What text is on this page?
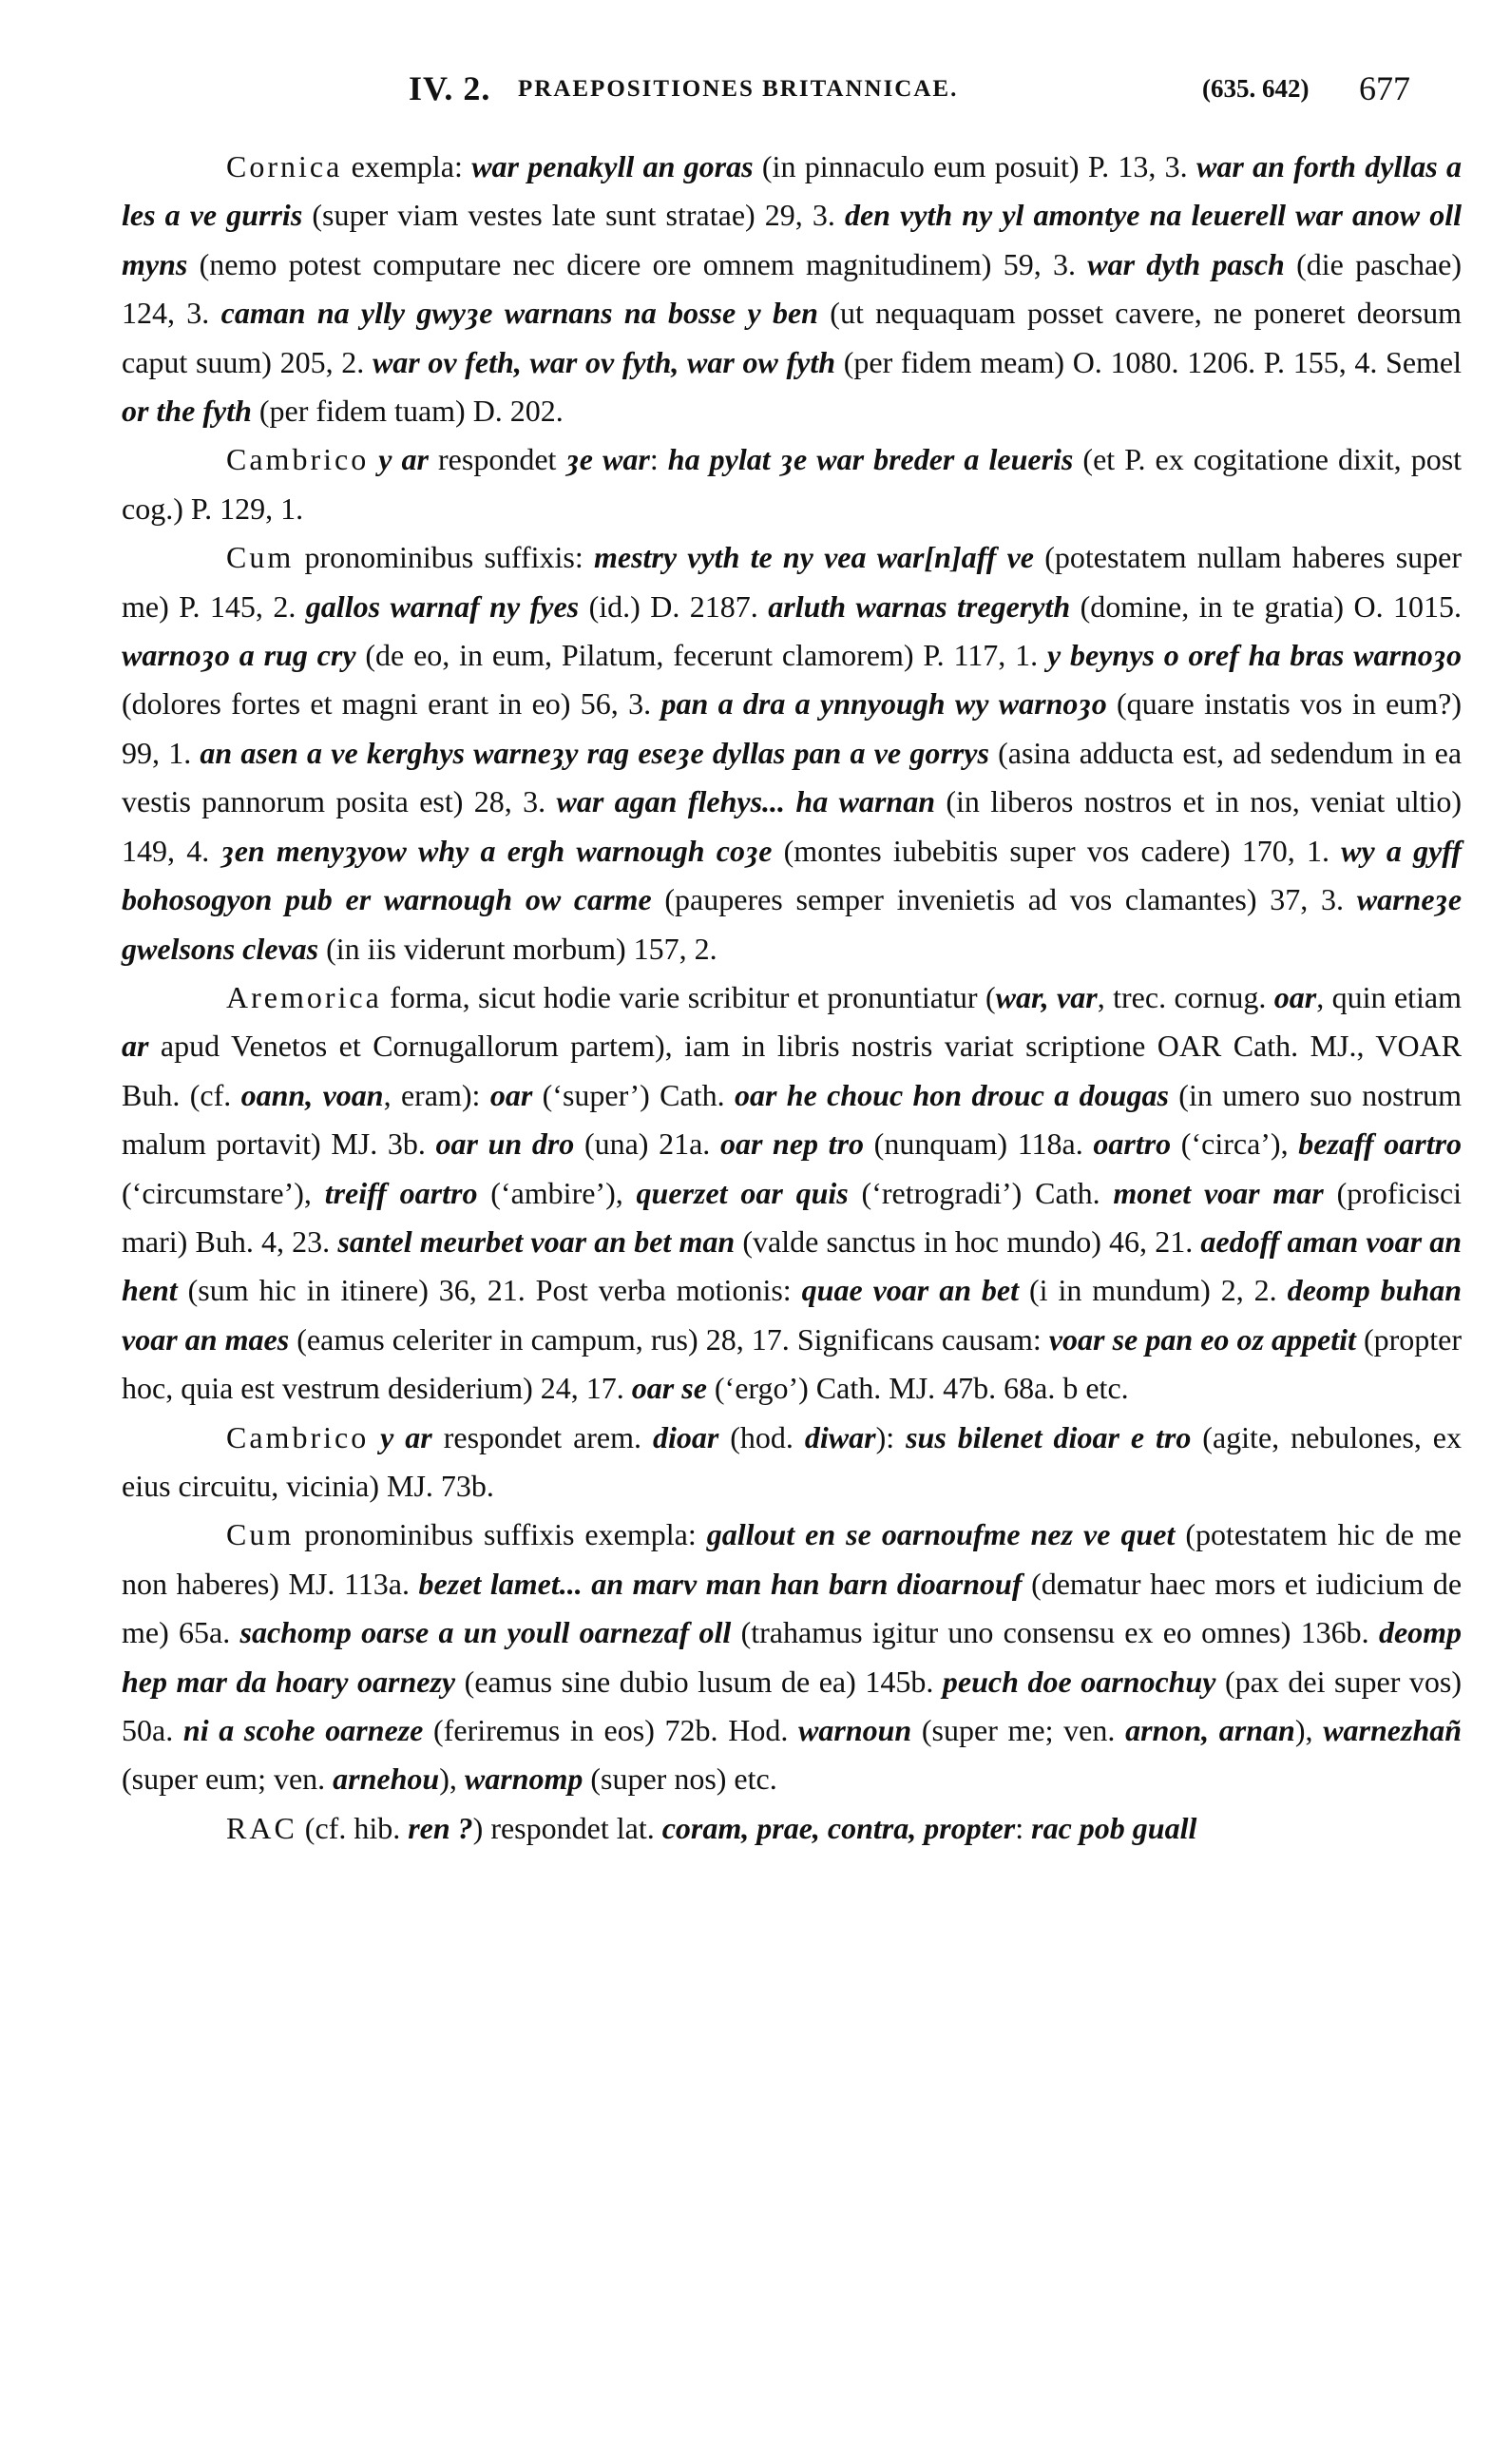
IV. 2. PRAEPOSITIONES BRITANNICAE.	(635. 642) 677

Cornica exempla: war penakyll an goras (in pinnaculo eum posuit) P. 13, 3. war an forth dyllas a les a ve gurris (super viam vestes late sunt stratae) 29, 3. den vyth ny yl amontye na leuerell war anow oll myns (nemo potest computare nec dicere ore omnem magnitudinem) 59, 3. war dyth pasch (die paschae) 124, 3. caman na ylly gwyȝe warnans na bosse y ben (ut nequaquam posset cavere, ne poneret deorsum caput suum) 205, 2. war ov feth, war ov fyth, war ow fyth (per fidem meam) O. 1080. 1206. P. 155, 4. Semel or the fyth (per fidem tuam) D. 202.

Cambrico y ar respondet ȝe war: ha pylat ȝe war breder a leueris (et P. ex cogitatione dixit, post cog.) P. 129, 1.

Cum pronominibus suffixis: mestry vyth te ny vea war[n]aff ve (potestatem nullam haberes super me) P. 145, 2. gallos warnaf ny fyes (id.) D. 2187. arluth warnas tregeryth (domine, in te gratia) O. 1015. warnoȝo a rug cry (de eo, in eum, Pilatum, fecerunt clamorem) P. 117, 1. y beynys o oref ha bras warnoȝo (dolores fortes et magni erant in eo) 56, 3. pan a dra a ynnyough wy warnoȝo (quare instatis vos in eum?) 99, 1. an asen a ve kerghys warneȝy rag eseȝe dyllas pan a ve gorrys (asina adducta est, ad sedendum in ea vestis pannorum posita est) 28, 3. war agan flehys... ha warnan (in liberos nostros et in nos, veniat ultio) 149, 4. ȝen menyȝyow why a ergh warnough coȝe (montes iubebitis super vos cadere) 170, 1. wy a gyff bohosogyon pub er warnough ow carme (pauperes semper invenietis ad vos clamantes) 37, 3. warneȝe gwelsons clevas (in iis viderunt morbum) 157, 2.

Aremorica forma, sicut hodie varie scribitur et pronuntiatur (war, var, trec. cornug. oar, quin etiam ar apud Venetos et Cornugallorum partem), iam in libris nostris variat scriptione OAR Cath. MJ., VOAR Buh. (cf. oann, voan, eram): oar (‘super’) Cath. oar he chouc hon drouc a dougas (in umero suo nostrum malum portavit) MJ. 3b. oar un dro (una) 21a. oar nep tro (nunquam) 118a. oartro (‘circa’), bezaff oartro (‘circumstare’), treiff oartro (‘ambire’), querzet oar quis (‘retrogradi’) Cath. monet voar mar (proficisci mari) Buh. 4, 23. santel meurbet voar an bet man (valde sanctus in hoc mundo) 46, 21. aedoff aman voar an hent (sum hic in itinere) 36, 21. Post verba motionis: quae voar an bet (i in mundum) 2, 2. deomp buhan voar an maes (eamus celeriter in campum, rus) 28, 17. Significans causam: voar se pan eo oz appetit (propter hoc, quia est vestrum desiderium) 24, 17. oar se (‘ergo’) Cath. MJ. 47b. 68a. b etc.

Cambrico y ar respondet arem. dioar (hod. diwar): sus bilenet dioar e tro (agite, nebulones, ex eius circuitu, vicinia) MJ. 73b.

Cum pronominibus suffixis exempla: gallout en se oarnoufme nez ve quet (potestatem hic de me non haberes) MJ. 113a. bezet lamet... an marv man han barn dioarnouf (dematur haec mors et iudicium de me) 65a. sachomp oarse a un youll oarnezaf oll (trahamus igitur uno consensu ex eo omnes) 136b. deomp hep mar da hoary oarnezy (eamus sine dubio lusum de ea) 145b. peuch doe oarnochuy (pax dei super vos) 50a. ni a scohe oarneze (feriremus in eos) 72b. Hod. warnoun (super me; ven. arnon, arnan), warnezhañ (super eum; ven. arnehou), warnomp (super nos) etc.

RAC (cf. hib. ren ?) respondet lat. coram, prae, contra, propter: rac pob guall
